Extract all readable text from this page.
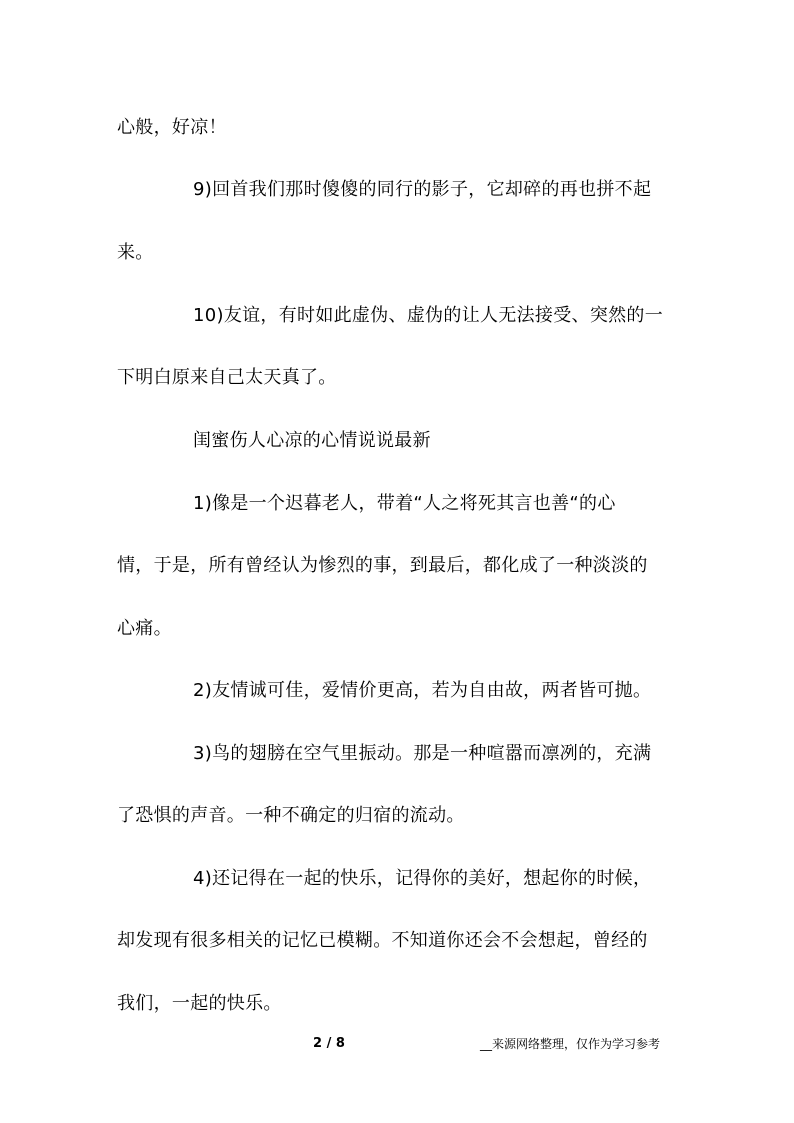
心般，好凉！
9)回首我们那时傻傻的同行的影子，它却碎的再也拼不起
来。
10)友谊，有时如此虚伪、虚伪的让人无法接受、突然的一
下明白原来自己太天真了。
闺蜜伤人心凉的心情说说最新
1)像是一个迟暮老人，带着“人之将死其言也善“的心
情，于是，所有曾经认为惨烈的事，到最后，都化成了一种淡淡的
心痛。
2)友情诚可佳，爱情价更高，若为自由故，两者皆可抛。
3)鸟的翅膀在空气里振动。那是一种喧嚣而凛冽的，充满
了恐惧的声音。一种不确定的归宿的流动。
4)还记得在一起的快乐，记得你的美好，想起你的时候，
却发现有很多相关的记忆已模糊。不知道你还会不会想起，曾经的
我们，一起的快乐。
2 / 8	__来源网络整理，仅作为学习参考
